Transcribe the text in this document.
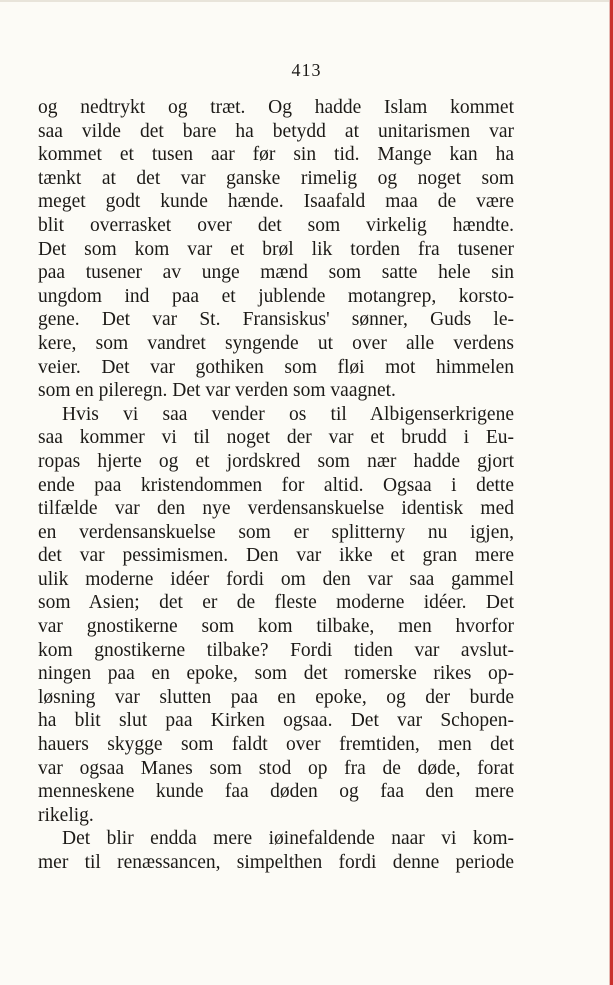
413
og nedtrykt og træt. Og hadde Islam kommet
saa vilde det bare ha betydd at unitarismen var
kommet et tusen aar før sin tid. Mange kan ha
tænkt at det var ganske rimelig og noget som
meget godt kunde hænde. Isaafald maa de være
blit overrasket over det som virkelig hændte.
Det som kom var et brøl lik torden fra tusener
paa tusener av unge mænd som satte hele sin
ungdom ind paa et jublende motangrep, korsto-
gene. Det var St. Fransiskus' sønner, Guds le-
kere, som vandret syngende ut over alle verdens
veier. Det var gothiken som fløi mot himmelen
som en pileregn. Det var verden som vaagnet.
Hvis vi saa vender os til Albigenserkrigene
saa kommer vi til noget der var et brudd i Eu-
ropas hjerte og et jordskred som nær hadde gjort
ende paa kristendommen for altid. Ogsaa i dette
tilfælde var den nye verdensanskuelse identisk med
en verdensanskuelse som er splitterny nu igjen,
det var pessimismen. Den var ikke et gran mere
ulik moderne idéer fordi om den var saa gammel
som Asien; det er de fleste moderne idéer. Det
var gnostikerne som kom tilbake, men hvorfor
kom gnostikerne tilbake? Fordi tiden var avslut-
ningen paa en epoke, som det romerske rikes op-
løsning var slutten paa en epoke, og der burde
ha blit slut paa Kirken ogsaa. Det var Schopen-
hauers skygge som faldt over fremtiden, men det
var ogsaa Manes som stod op fra de døde, forat
menneskene kunde faa døden og faa den mere
rikelig.
Det blir endda mere iøinefaldende naar vi kom-
mer til renæssancen, simpelthen fordi denne periode
